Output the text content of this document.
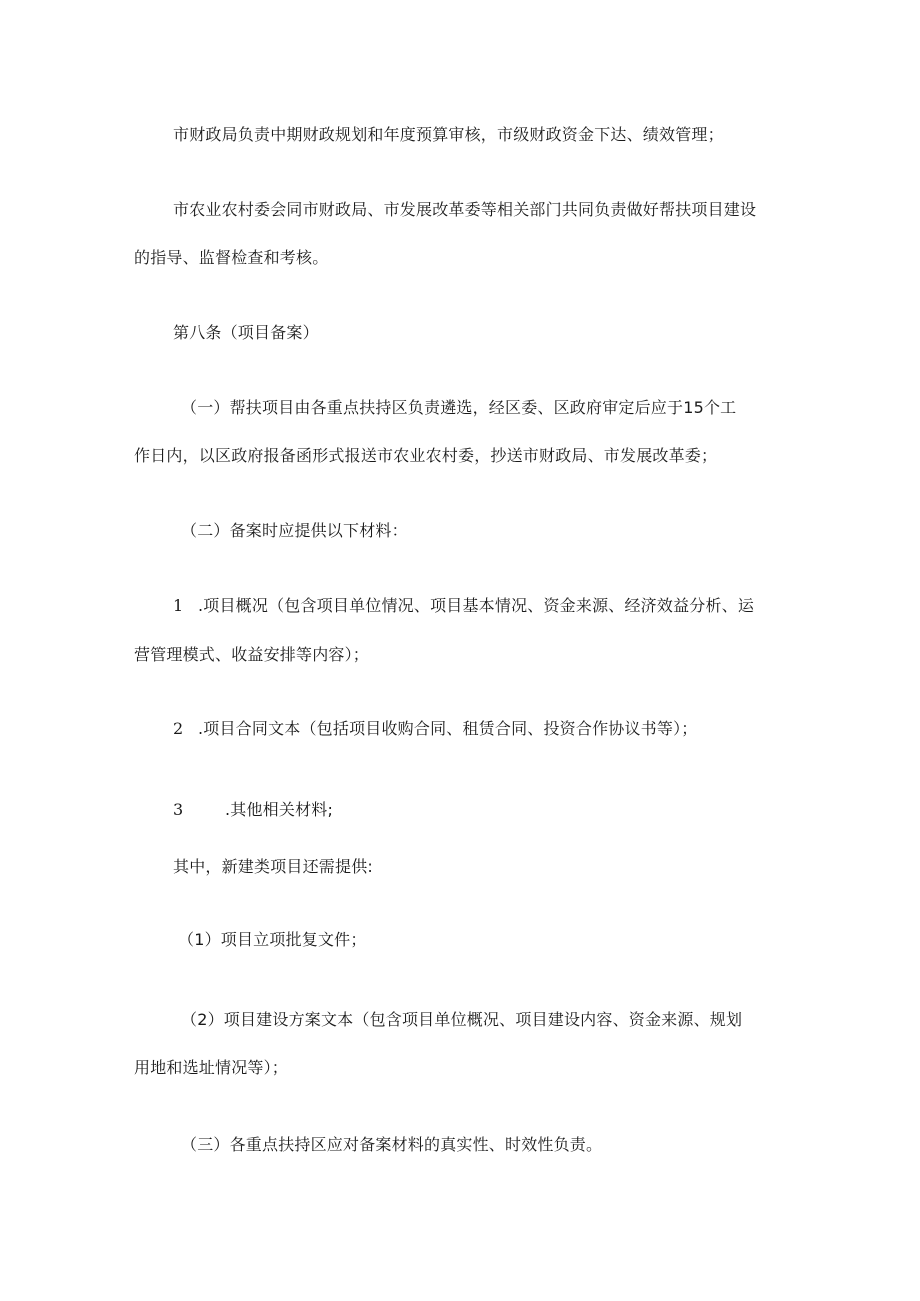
市财政局负责中期财政规划和年度预算审核，市级财政资金下达、绩效管理；
市农业农村委会同市财政局、市发展改革委等相关部门共同负责做好帮扶项目建设
的指导、监督检查和考核。
第八条（项目备案）
（一）帮扶项目由各重点扶持区负责遴选，经区委、区政府审定后应于15个工
作日内，以区政府报备函形式报送市农业农村委，抄送市财政局、市发展改革委；
（二）备案时应提供以下材料：
1 .项目概况（包含项目单位情况、项目基本情况、资金来源、经济效益分析、运
营管理模式、收益安排等内容）；
2 .项目合同文本（包括项目收购合同、租赁合同、投资合作协议书等）；
3	.其他相关材料;
其中，新建类项目还需提供:
（1）项目立项批复文件；
（2）项目建设方案文本（包含项目单位概况、项目建设内容、资金来源、规划
用地和选址情况等）；
（三）各重点扶持区应对备案材料的真实性、时效性负责。
